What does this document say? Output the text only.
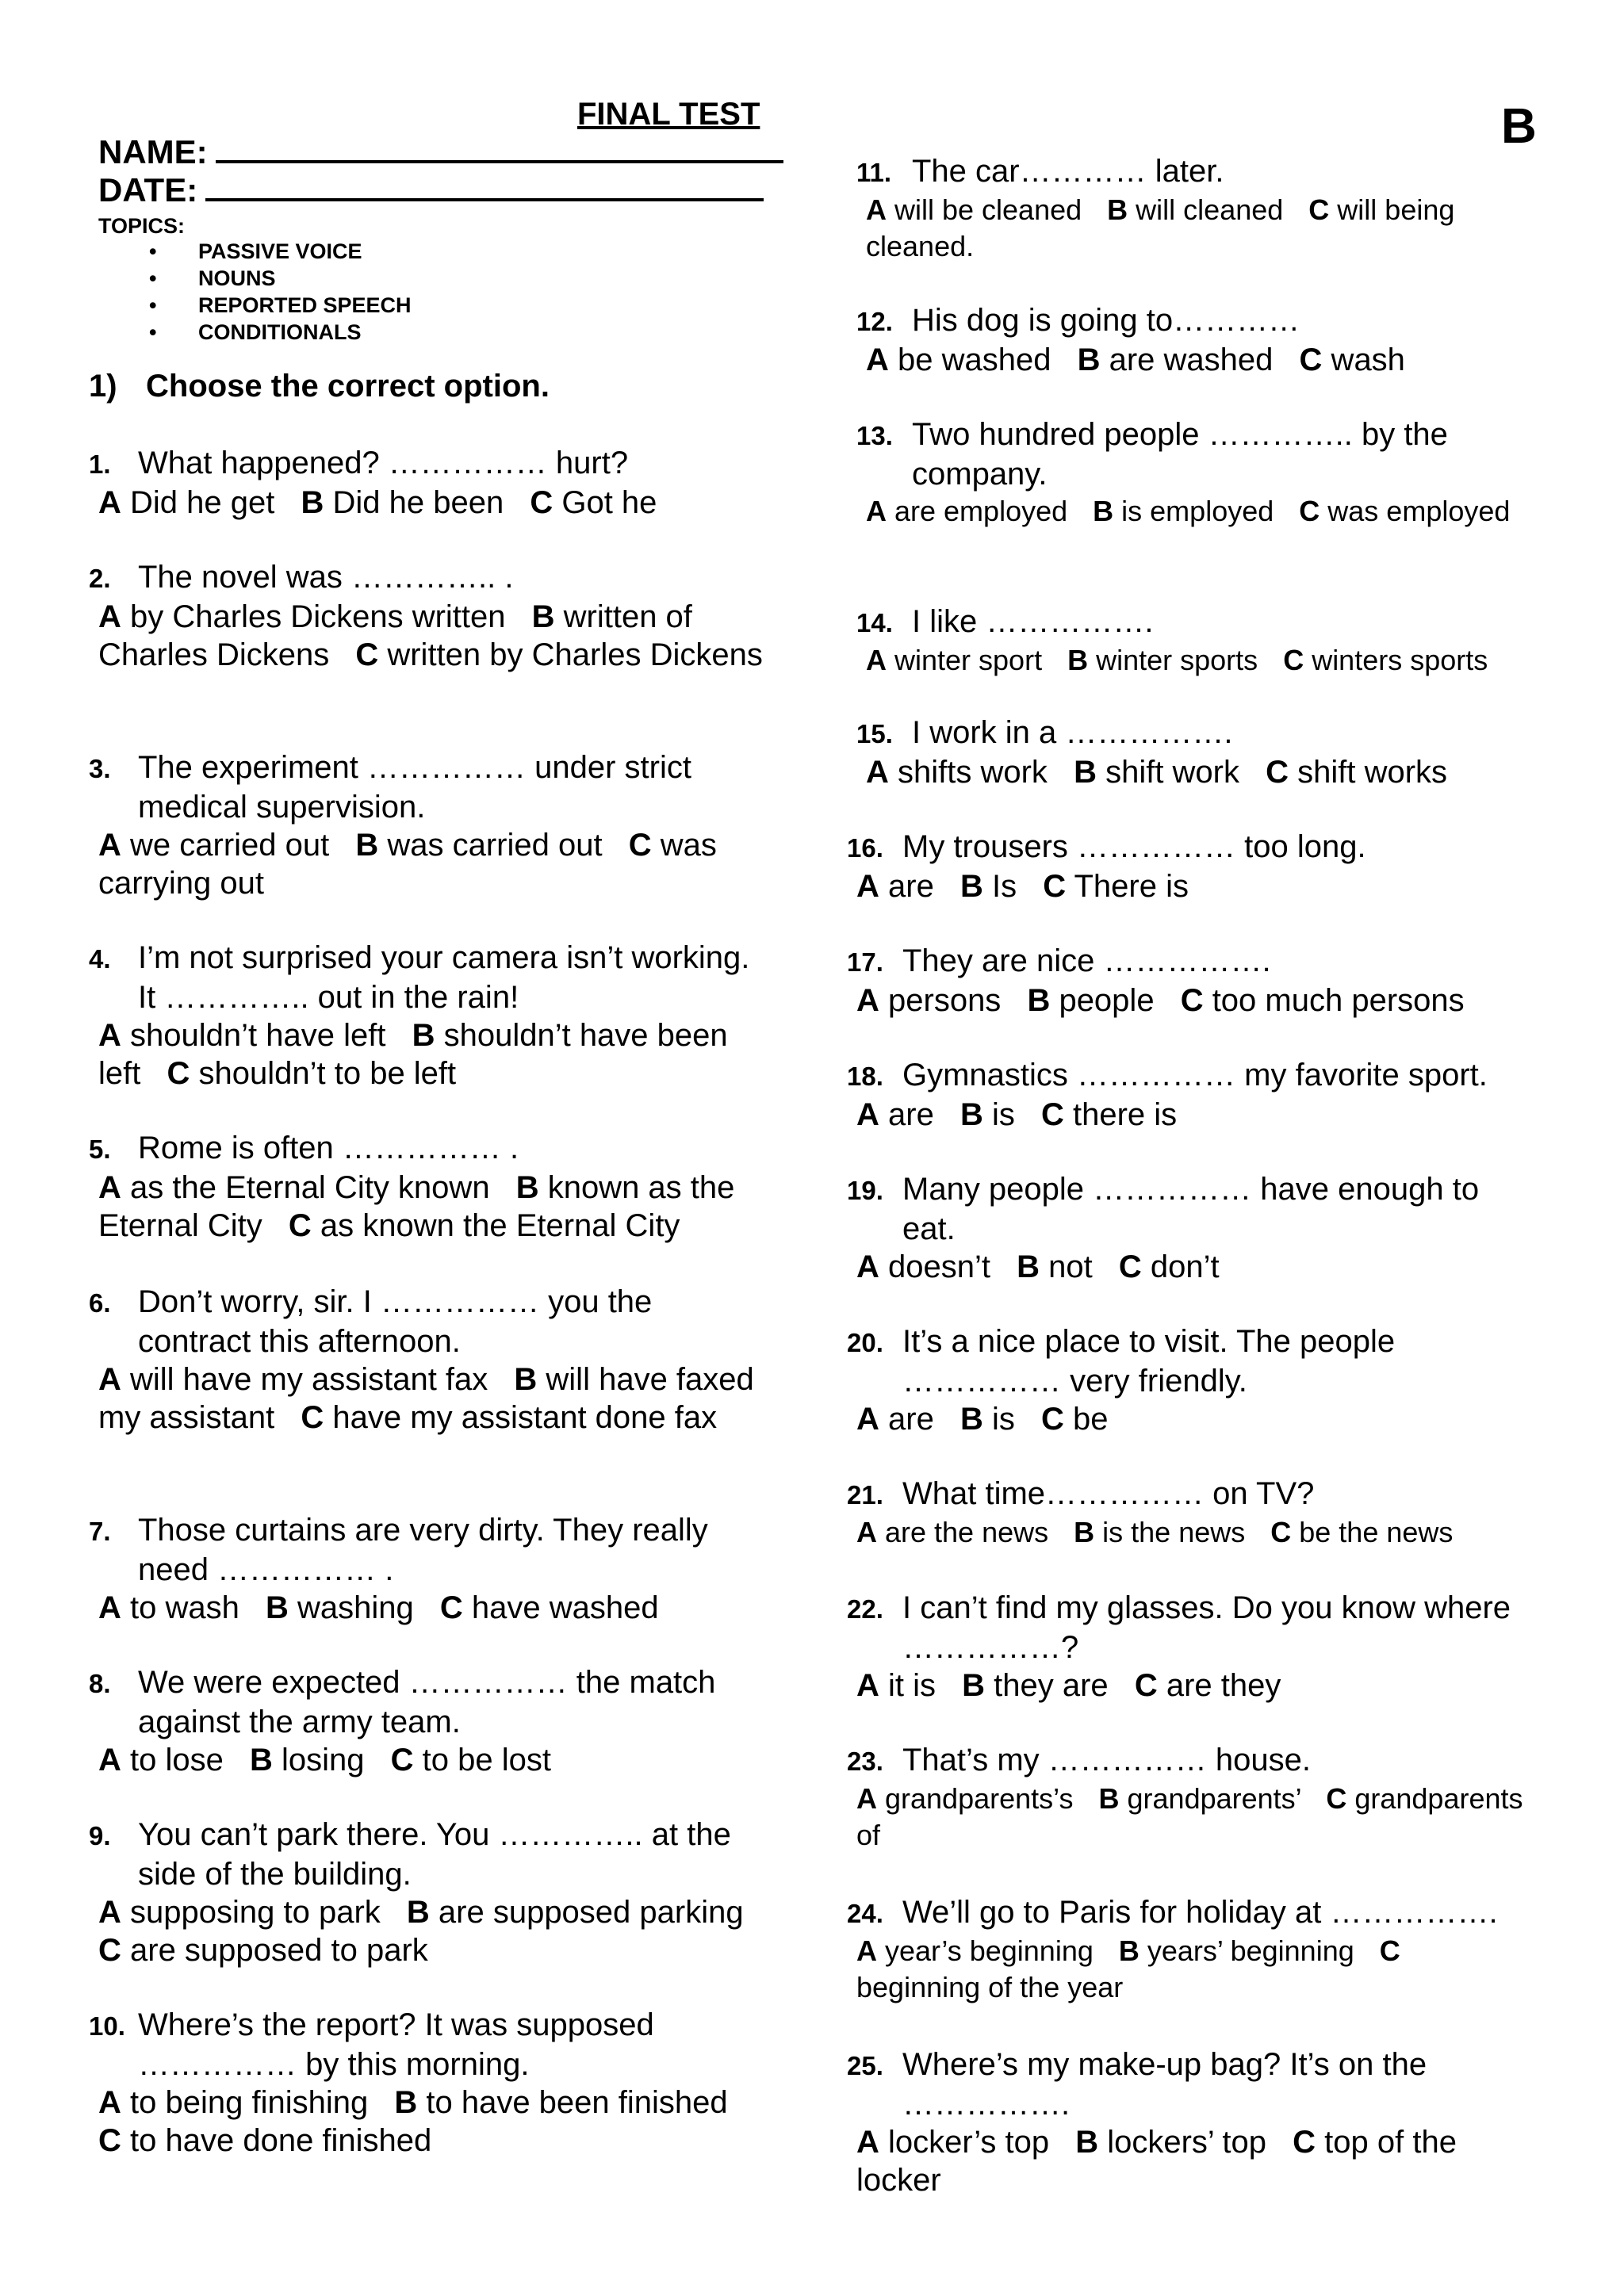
FINAL TEST	B
NAME:
DATE:
TOPICS:
• PASSIVE VOICE
• NOUNS
• REPORTED SPEECH
• CONDITIONALS
1) Choose the correct option.
1. What happened? …………… hurt?
A Did he get B Did he been C Got he
2. The novel was ………….. .
A by Charles Dickens written B written of Charles Dickens C written by Charles Dickens
3. The experiment …………… under strict medical supervision.
A we carried out B was carried out C was carrying out
4. I’m not surprised your camera isn’t working. It ………….. out in the rain!
A shouldn’t have left B shouldn’t have been left C shouldn’t to be left
5. Rome is often …………… .
A as the Eternal City known B known as the Eternal City C as known the Eternal City
6. Don’t worry, sir. I …………… you the contract this afternoon.
A will have my assistant fax B will have faxed my assistant C have my assistant done fax
7. Those curtains are very dirty. They really need …………… .
A to wash B washing C have washed
8. We were expected …………… the match against the army team.
A to lose B losing C to be lost
9. You can’t park there. You ………….. at the side of the building.
A supposing to park B are supposed parking C are supposed to park
10. Where’s the report? It was supposed …………… by this morning.
A to being finishing B to have been finished C to have done finished
11. The car………… later.
A will be cleaned B will cleaned C will being cleaned.
12. His dog is going to…………
A be washed B are washed C wash
13. Two hundred people ………….. by the company.
A are employed B is employed C was employed
14. I like …………….
A winter sport B winter sports C winters sports
15. I work in a …………….
A shifts work B shift work C shift works
16. My trousers …………… too long.
A are B Is C There is
17. They are nice …………….
A persons B people C too much persons
18. Gymnastics …………… my favorite sport.
A are B is C there is
19. Many people …………… have enough to eat.
A doesn’t B not C don’t
20. It’s a nice place to visit. The people …………… very friendly.
A are B is C be
21. What time…………… on TV?
A are the news B is the news C be the news
22. I can’t find my glasses. Do you know where ……………?
A it is B they are C are they
23. That’s my …………… house.
A grandparents’s B grandparents’ C grandparents of
24. We’ll go to Paris for holiday at …………….
A year’s beginning B years’ beginning C beginning of the year
25. Where’s my make-up bag? It’s on the …………….
A locker’s top B lockers’ top C top of the locker
